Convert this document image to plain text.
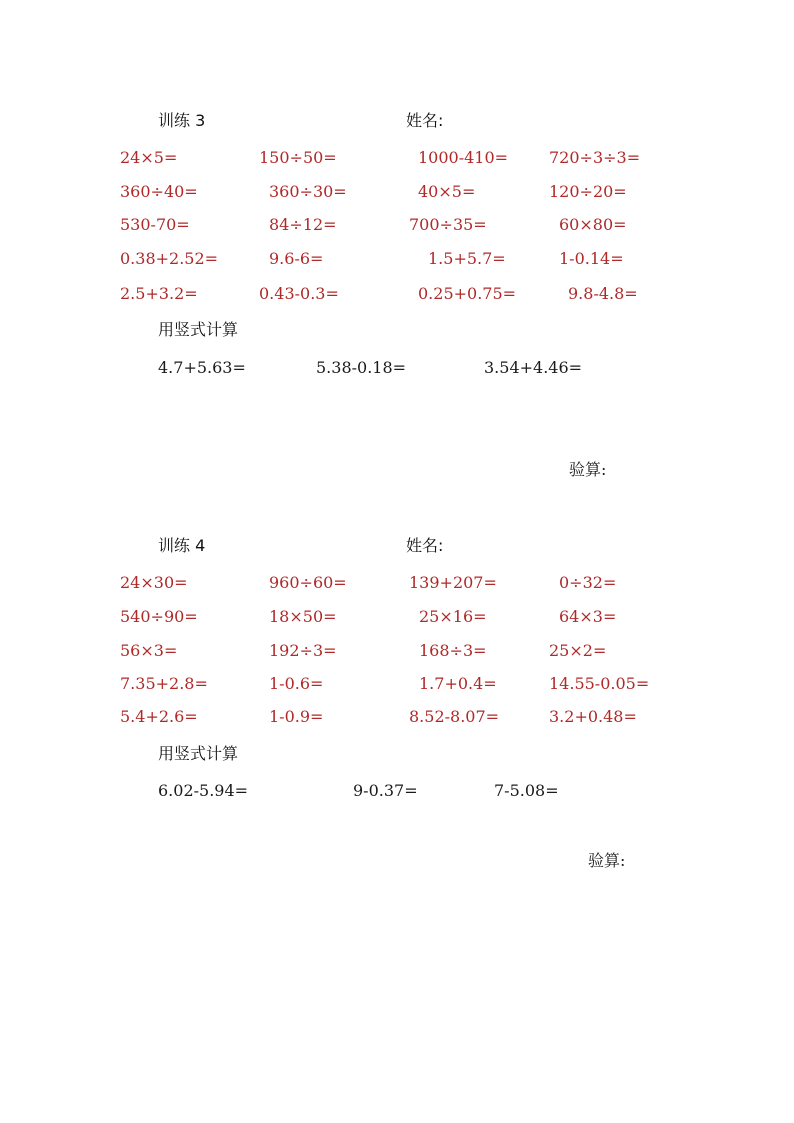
训练 3	姓名:
24×5=	150÷50=	1000-410=	720÷3÷3=
360÷40=	360÷30=	40×5=	120÷20=
530-70=	84÷12=	700÷35=	60×80=
0.38+2.52=	9.6-6=	1.5+5.7=	1-0.14=
2.5+3.2=	0.43-0.3=	0.25+0.75=	9.8-4.8=
用竖式计算
4.7+5.63=	5.38-0.18=	3.54+4.46=
验算:
训练 4	姓名:
24×30=	960÷60=	139+207=	0÷32=
540÷90=	18×50=	25×16=	64×3=
56×3=	192÷3=	168÷3=	25×2=
7.35+2.8=	1-0.6=	1.7+0.4=	14.55-0.05=
5.4+2.6=	1-0.9=	8.52-8.07=	3.2+0.48=
用竖式计算
6.02-5.94=	9-0.37=	7-5.08=
验算:
